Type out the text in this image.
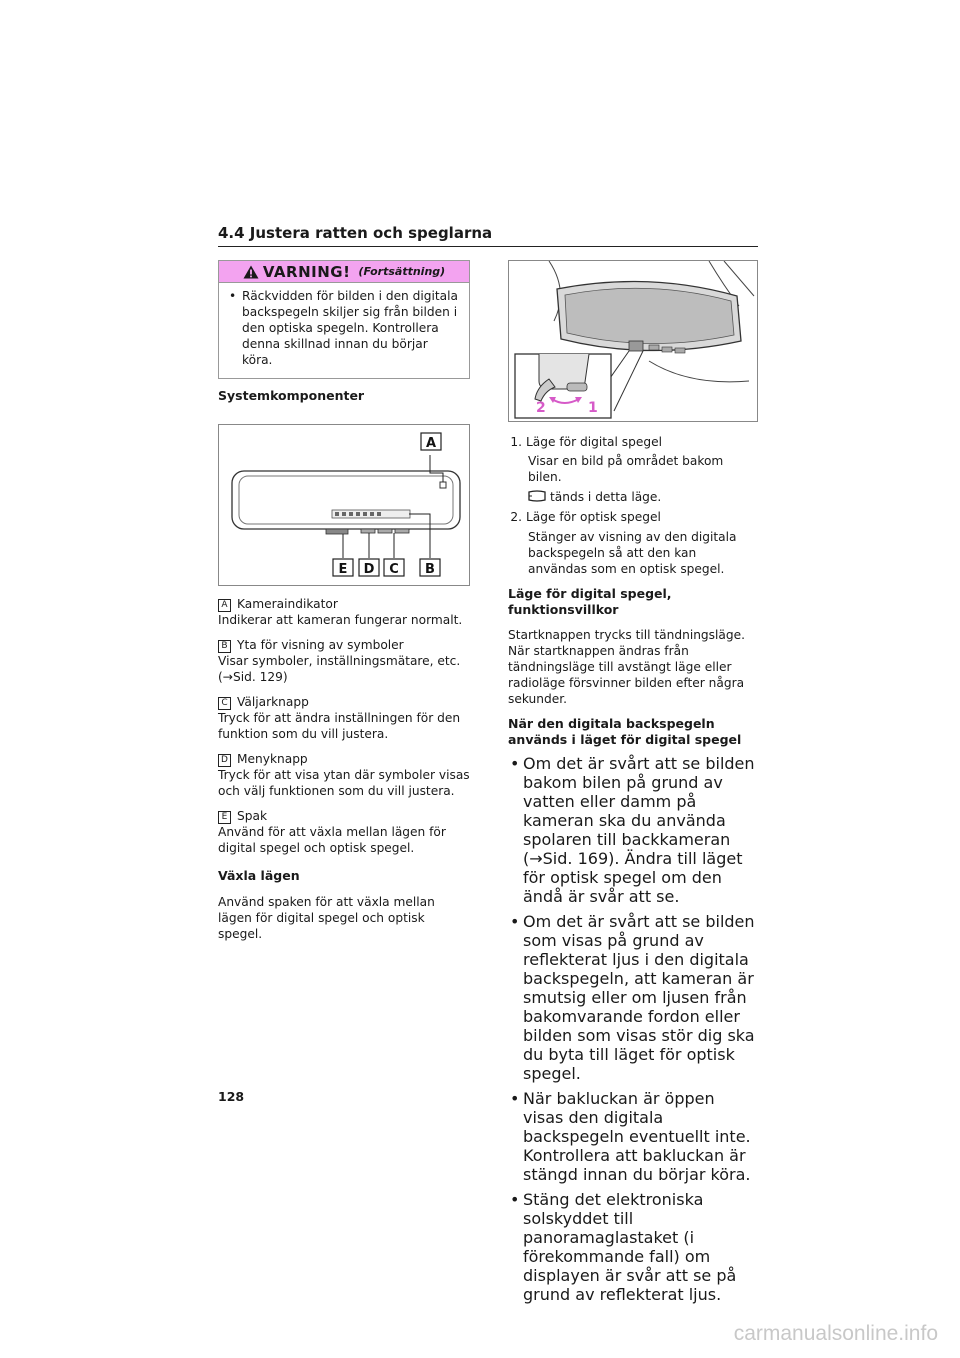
4.4 Justera ratten och speglarna
VARNING! (Fortsättning)
• Räckvidden för bilden i den digitala backspegeln skiljer sig från bilden i den optiska spegeln. Kontrollera denna skillnad innan du börjar köra.
Systemkomponenter
A
E D C B
A Kameraindikator

Indikerar att kameran fungerar normalt.

B Yta för visning av symboler

Visar symboler, inställningsmätare, etc. (→Sid. 129)

C Väljarknapp

Tryck för att ändra inställningen för den funktion som du vill justera.

D Menyknapp

Tryck för att visa ytan där symboler visas och välj funktionen som du vill justera.

E Spak

Använd för att växla mellan lägen för digital spegel och optisk spegel.

Växla lägen

Använd spaken för att växla mellan lägen för digital spegel och optisk spegel.

2	1
1. Läge för digital spegel

Visar en bild på området bakom bilen.

tänds i detta läge.

2. Läge för optisk spegel

Stänger av visning av den digitala backspegeln så att den kan användas som en optisk spegel.

Läge för digital spegel, funktionsvillkor

Startknappen trycks till tändningsläge. När startknappen ändras från tändningsläge till avstängt läge eller radioläge försvinner bilden efter några sekunder.

När den digitala backspegeln används i läget för digital spegel
• Om det är svårt att se bilden bakom bilen på grund av vatten eller damm på kameran ska du använda spolaren till backkameran (→Sid. 169). Ändra till läget för optisk spegel om den ändå är svår att se.
• Om det är svårt att se bilden som visas på grund av reflekterat ljus i den digitala backspegeln, att kameran är smutsig eller om ljusen från bakomvarande fordon eller bilden som visas stör dig ska du byta till läget för optisk spegel.
• När bakluckan är öppen visas den digitala backspegeln eventuellt inte. Kontrollera att bakluckan är stängd innan du börjar köra.
• Stäng det elektroniska solskyddet till panoramaglastaket (i förekommande fall) om displayen är svår att se på grund av reflekterat ljus.
128
carmanualsonline.info
